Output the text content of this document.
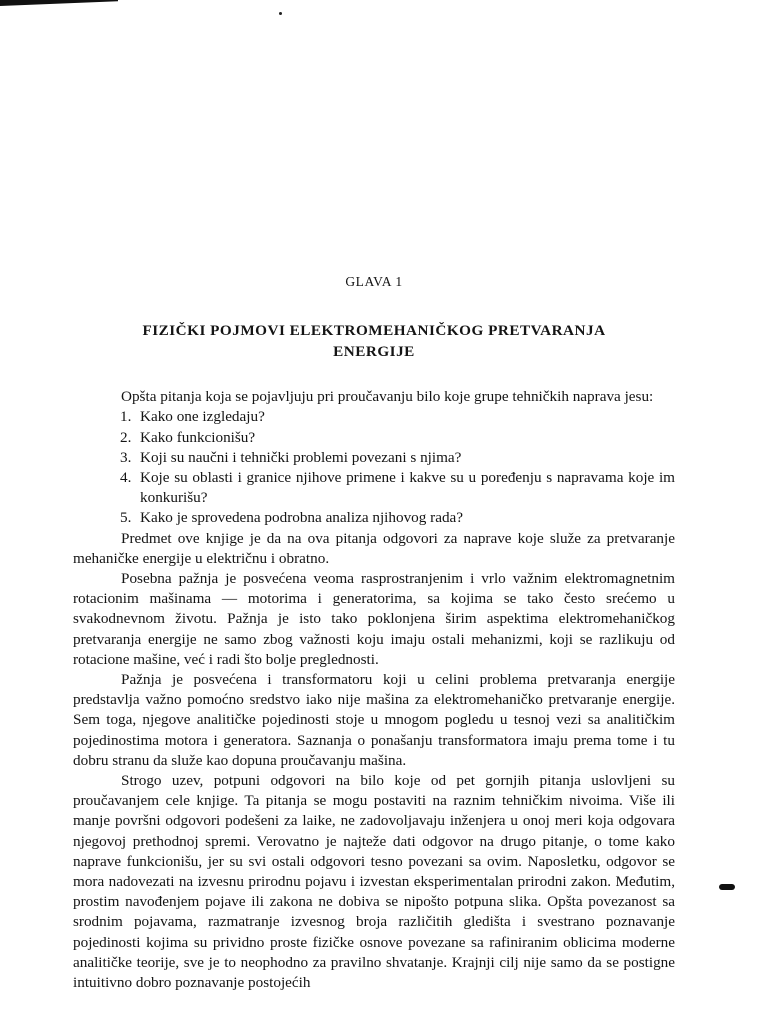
GLAVA 1
FIZIČKI POJMOVI ELEKTROMEHANIČKOG PRETVARANJA
ENERGIJE

Opšta pitanja koja se pojavljuju pri proučavanju bilo koje grupe tehničkih naprava jesu:

1. Kako one izgledaju?
2. Kako funkcionišu?
3. Koji su naučni i tehnički problemi povezani s njima?
4. Koje su oblasti i granice njihove primene i kakve su u poređenju s napravama koje im konkurišu?
5. Kako je sprovedena podrobna analiza njihovog rada?

Predmet ove knjige je da na ova pitanja odgovori za naprave koje služe za pretvaranje mehaničke energije u električnu i obratno.

Posebna pažnja je posvećena veoma rasprostranjenim i vrlo važnim elektromagnetnim rotacionim mašinama — motorima i generatorima, sa kojima se tako često srećemo u svakodnevnom životu. Pažnja je isto tako poklonjena širim aspektima elektromehaničkog pretvaranja energije ne samo zbog važnosti koju imaju ostali mehanizmi, koji se razlikuju od rotacione mašine, već i radi što bolje preglednosti.

Pažnja je posvećena i transformatoru koji u celini problema pretvaranja energije predstavlja važno pomoćno sredstvo iako nije mašina za elektromehaničko pretvaranje energije. Sem toga, njegove analitičke pojedinosti stoje u mnogom pogledu u tesnoj vezi sa analitičkim pojedinostima motora i generatora. Saznanja o ponašanju transformatora imaju prema tome i tu dobru stranu da služe kao dopuna proučavanju mašina.

Strogo uzev, potpuni odgovori na bilo koje od pet gornjih pitanja uslovljeni su proučavanjem cele knjige. Ta pitanja se mogu postaviti na raznim tehničkim nivoima. Više ili manje površni odgovori podešeni za laike, ne zadovoljavaju inženjera u onoj meri koja odgovara njegovoj prethodnoj spremi. Verovatno je najteže dati odgovor na drugo pitanje, o tome kako naprave funkcionišu, jer su svi ostali odgovori tesno povezani sa ovim. Naposletku, odgovor se mora nadovezati na izvesnu prirodnu pojavu i izvestan eksperimentalan prirodni zakon. Međutim, prostim navođenjem pojave ili zakona ne dobiva se nipošto potpuna slika. Opšta povezanost sa srodnim pojavama, razmatranje izvesnog broja različitih gledišta i svestrano poznavanje pojedinosti kojima su prividno proste fizičke osnove povezane sa rafiniranim oblicima moderne analitičke teorije, sve je to neophodno za pravilno shvatanje. Krajnji cilj nije samo da se postigne intuitivno dobro poznavanje postojećih
